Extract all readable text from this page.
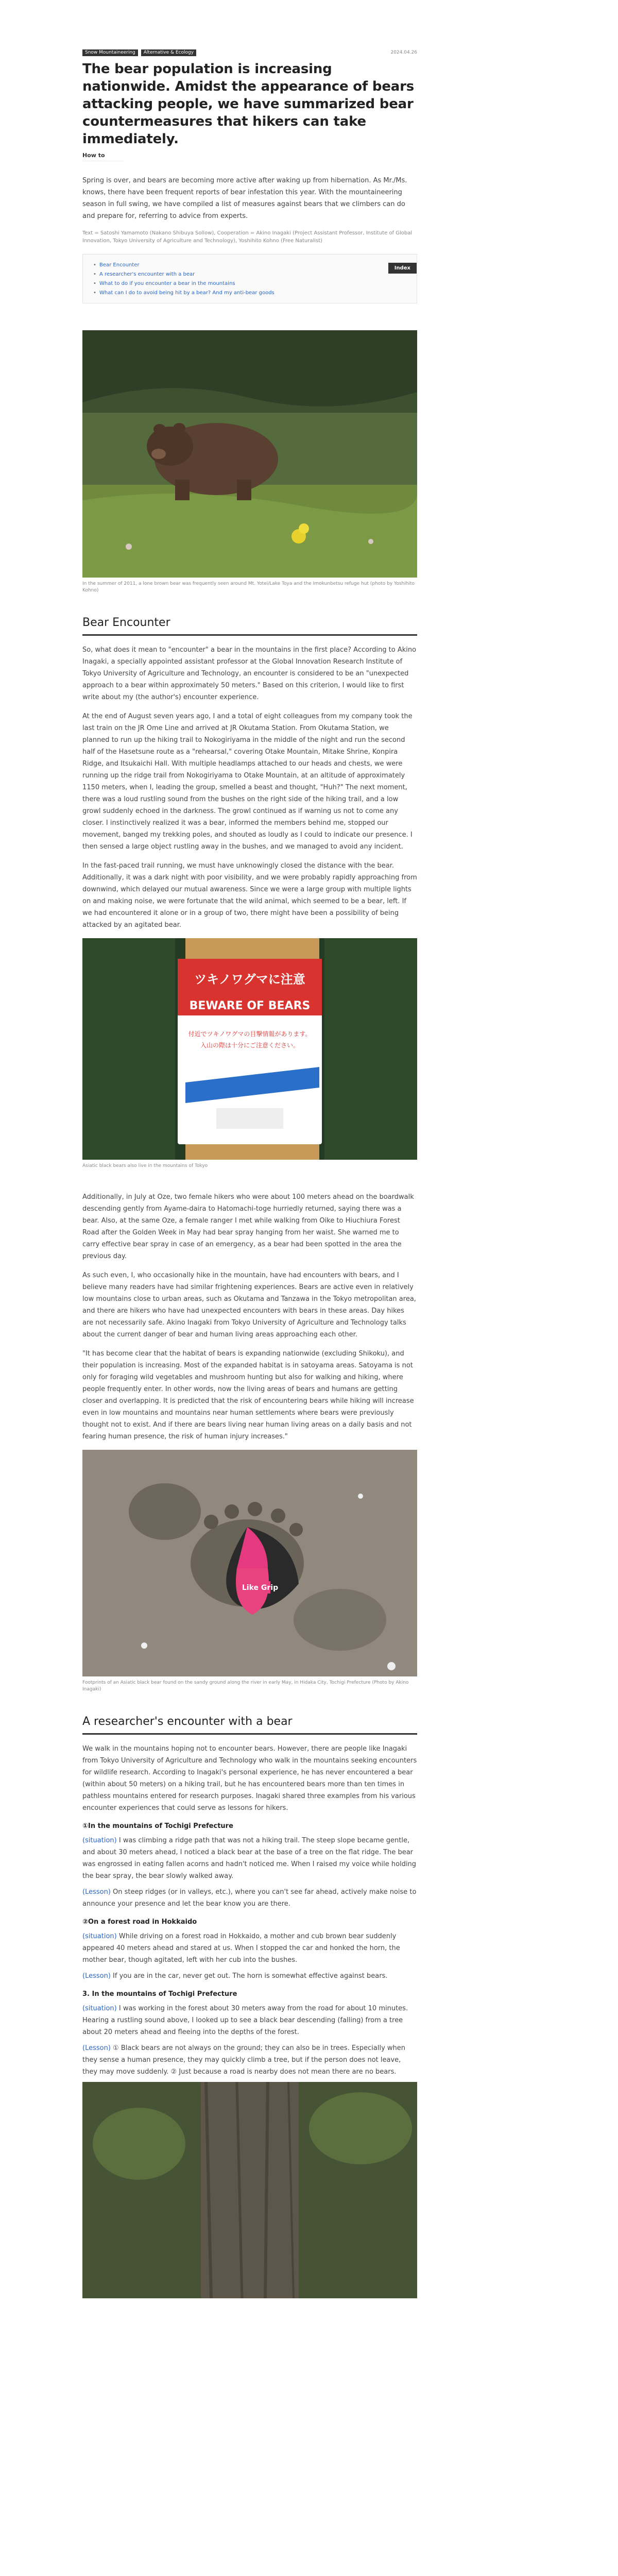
Snow Mountaineering	Alternative & Ecology	2024.04.26
The bear population is increasing nationwide. Amidst the appearance of bears attacking people, we have summarized bear countermeasures that hikers can take immediately.
How to

Spring is over, and bears are becoming more active after waking up from hibernation. As Mr./Ms. knows, there have been frequent reports of bear infestation this year. With the mountaineering season in full swing, we have compiled a list of measures against bears that we climbers can do and prepare for, referring to advice from experts.

Text = Satoshi Yamamoto (Nakano Shibuya Sollow), Cooperation = Akino Inagaki (Project Assistant Professor, Institute of Global Innovation, Tokyo University of Agriculture and Technology), Yoshihito Kohno (Free Naturalist)
Index
• Bear Encounter
• A researcher's encounter with a bear
• What to do if you encounter a bear in the mountains
• What can I do to avoid being hit by a bear? And my anti-bear goods
In the summer of 2011, a lone brown bear was frequently seen around Mt. Yotei/Lake Toya and the Imokunbetsu refuge hut (photo by Yoshihito Kohno)
Bear Encounter

So, what does it mean to "encounter" a bear in the mountains in the first place? According to Akino Inagaki, a specially appointed assistant professor at the Global Innovation Research Institute of Tokyo University of Agriculture and Technology, an encounter is considered to be an "unexpected approach to a bear within approximately 50 meters." Based on this criterion, I would like to first write about my (the author's) encounter experience.

At the end of August seven years ago, I and a total of eight colleagues from my company took the last train on the JR Ome Line and arrived at JR Okutama Station. From Okutama Station, we planned to run up the hiking trail to Nokogiriyama in the middle of the night and run the second half of the Hasetsune route as a "rehearsal," covering Otake Mountain, Mitake Shrine, Konpira Ridge, and Itsukaichi Hall. With multiple headlamps attached to our heads and chests, we were running up the ridge trail from Nokogiriyama to Otake Mountain, at an altitude of approximately 1150 meters, when I, leading the group, smelled a beast and thought, "Huh?" The next moment, there was a loud rustling sound from the bushes on the right side of the hiking trail, and a low growl suddenly echoed in the darkness. The growl continued as if warning us not to come any closer. I instinctively realized it was a bear, informed the members behind me, stopped our movement, banged my trekking poles, and shouted as loudly as I could to indicate our presence. I then sensed a large object rustling away in the bushes, and we managed to avoid any incident.

In the fast-paced trail running, we must have unknowingly closed the distance with the bear. Additionally, it was a dark night with poor visibility, and we were probably rapidly approaching from downwind, which delayed our mutual awareness. Since we were a large group with multiple lights on and making noise, we were fortunate that the wild animal, which seemed to be a bear, left. If we had encountered it alone or in a group of two, there might have been a possibility of being attacked by an agitated bear.

ツキノワグマに注意
BEWARE OF BEARS
付近でツキノワグマの目撃情報があります。
入山の際は十分にご注意ください。
Asiatic black bears also live in the mountains of Tokyo

Additionally, in July at Oze, two female hikers who were about 100 meters ahead on the boardwalk descending gently from Ayame-daira to Hatomachi-toge hurriedly returned, saying there was a bear. Also, at the same Oze, a female ranger I met while walking from Oike to Hiuchiura Forest Road after the Golden Week in May had bear spray hanging from her waist. She warned me to carry effective bear spray in case of an emergency, as a bear had been spotted in the area the previous day.

As such even, I, who occasionally hike in the mountain, have had encounters with bears, and I believe many readers have had similar frightening experiences. Bears are active even in relatively low mountains close to urban areas, such as Okutama and Tanzawa in the Tokyo metropolitan area, and there are hikers who have had unexpected encounters with bears in these areas. Day hikes are not necessarily safe. Akino Inagaki from Tokyo University of Agriculture and Technology talks about the current danger of bear and human living areas approaching each other.

"It has become clear that the habitat of bears is expanding nationwide (excluding Shikoku), and their population is increasing. Most of the expanded habitat is in satoyama areas. Satoyama is not only for foraging wild vegetables and mushroom hunting but also for walking and hiking, where people frequently enter. In other words, now the living areas of bears and humans are getting closer and overlapping. It is predicted that the risk of encountering bears while hiking will increase even in low mountains and mountains near human settlements where bears were previously thought not to exist. And if there are bears living near human living areas on a daily basis and not fearing human presence, the risk of human injury increases."

Like Grip
Footprints of an Asiatic black bear found on the sandy ground along the river in early May, in Hidaka City, Tochigi Prefecture (Photo by Akino Inagaki)
A researcher's encounter with a bear

We walk in the mountains hoping not to encounter bears. However, there are people like Inagaki from Tokyo University of Agriculture and Technology who walk in the mountains seeking encounters for wildlife research. According to Inagaki's personal experience, he has never encountered a bear (within about 50 meters) on a hiking trail, but he has encountered bears more than ten times in pathless mountains entered for research purposes. Inagaki shared three examples from his various encounter experiences that could serve as lessons for hikers.

①In the mountains of Tochigi Prefecture

(situation) I was climbing a ridge path that was not a hiking trail. The steep slope became gentle, and about 30 meters ahead, I noticed a black bear at the base of a tree on the flat ridge. The bear was engrossed in eating fallen acorns and hadn't noticed me. When I raised my voice while holding the bear spray, the bear slowly walked away.

(Lesson) On steep ridges (or in valleys, etc.), where you can't see far ahead, actively make noise to announce your presence and let the bear know you are there.

②On a forest road in Hokkaido

(situation) While driving on a forest road in Hokkaido, a mother and cub brown bear suddenly appeared 40 meters ahead and stared at us. When I stopped the car and honked the horn, the mother bear, though agitated, left with her cub into the bushes.

(Lesson) If you are in the car, never get out. The horn is somewhat effective against bears.

3. In the mountains of Tochigi Prefecture

(situation) I was working in the forest about 30 meters away from the road for about 10 minutes. Hearing a rustling sound above, I looked up to see a black bear descending (falling) from a tree about 20 meters ahead and fleeing into the depths of the forest.

(Lesson) ① Black bears are not always on the ground; they can also be in trees. Especially when they sense a human presence, they may quickly climb a tree, but if the person does not leave, they may move suddenly. ② Just because a road is nearby does not mean there are no bears.
